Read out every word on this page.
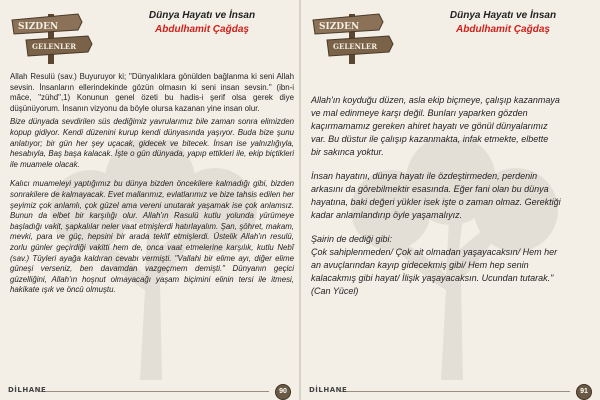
SIZDEN
GELENLER

Dünya Hayatı ve İnsan

Abdulhamit Çağdaş

Allah Resulü (sav.) Buyuruyor ki; "Dünyalıklara gönülden bağlanma ki seni Allah sevsin. İnsanların ellerindekinde gözün olmasın ki seni insan sevsin." (ibn-i mâce, "zühd",1) Konunun genel özeti bu hadis-i şerif olsa gerek diye düşünüyorum. İnsanın vizyonu da böyle olursa kazanan yine insan olur.

Bize dünyada sevdirilen süs dediğimiz yavrularımız bile zaman sonra elimizden kopup gidiyor. Kendi düzenini kurup kendi dünyasında yaşıyor. Buda bize şunu anlatıyor; bir gün her şey uçacak, gidecek ve bitecek. İnsan ise yalnızlığıyla, hesabıyla, Baş başa kalacak. İşte o gün dünyada, yapıp ettikleri ile, ekip biçtikleri ile muamele olacak.

Kalıcı muameleyi yaptığımız bu dünya bizden öncekilere kalmadığı gibi, bizden sonrakilere de kalmayacak. Evet mallarımız, evlatlarımız ve bize tahsis edilen her şeyimiz çok anlamlı, çok güzel ama vereni unutarak yaşamak ise çok anlamsız. Bunun da elbet bir karşılığı olur. Allah'ın Rasulü kutlu yolunda yürümeye başladığı vakit, şapkalılar neler vaat etmişlerdi hatırlayalım. Şan, şöhret, makam, mevki, para ve güç, hepsini bir arada teklif etmişlerdi. Üstelik Allah'ın resulü, zorlu günler geçirdiği vakitti hem de, onca vaat etmelerine karşılık, kutlu Nebî (sav.) Tüyleri ayağa kaldıran cevabı vermişti. "Vallahi bir elime ayı, diğer elime güneşi verseniz, ben davamdan vazgeçmem demişti." Dünyanın geçici güzelliğini, Allah'ın hoşnut olmayacağı yaşam biçimini elinin tersi ile itmesi, hakikate ışık ve öncü olmuştu.

DİLHANE	90
SIZDEN
GELENLER

Dünya Hayatı ve İnsan

Abdulhamit Çağdaş

Allah'ın koyduğu düzen, asla ekip biçmeye, çalışıp kazanmaya

ve mal edinmeye karşı değil. Bunları yaparken gözden

kaçırmamamız gereken ahiret hayatı ve gönül dünyalarımız

var. Bu düstur ile çalışıp kazanmakta, infak etmekte, elbette

bir sakınca yoktur.

İnsan hayatını, dünya hayatı ile özdeştirmeden, perdenin

arkasını da görebilmektir esasında. Eğer fani olan bu dünya

hayatına, baki değeri yükler isek işte o zaman olmaz. Gerektiği

kadar anlamlandırıp öyle yaşamalıyız.

Şairin de dediği gibi:

Çok sahiplenmeden/ Çok ait olmadan yaşayacaksın/ Hem her

an avuçlarından kayıp gidecekmiş gibi/ Hem hep senin

kalacakmış gibi hayat/ İlişik yaşayacaksın. Ucundan tutarak."

(Can Yücel)

DİLHANE	91
